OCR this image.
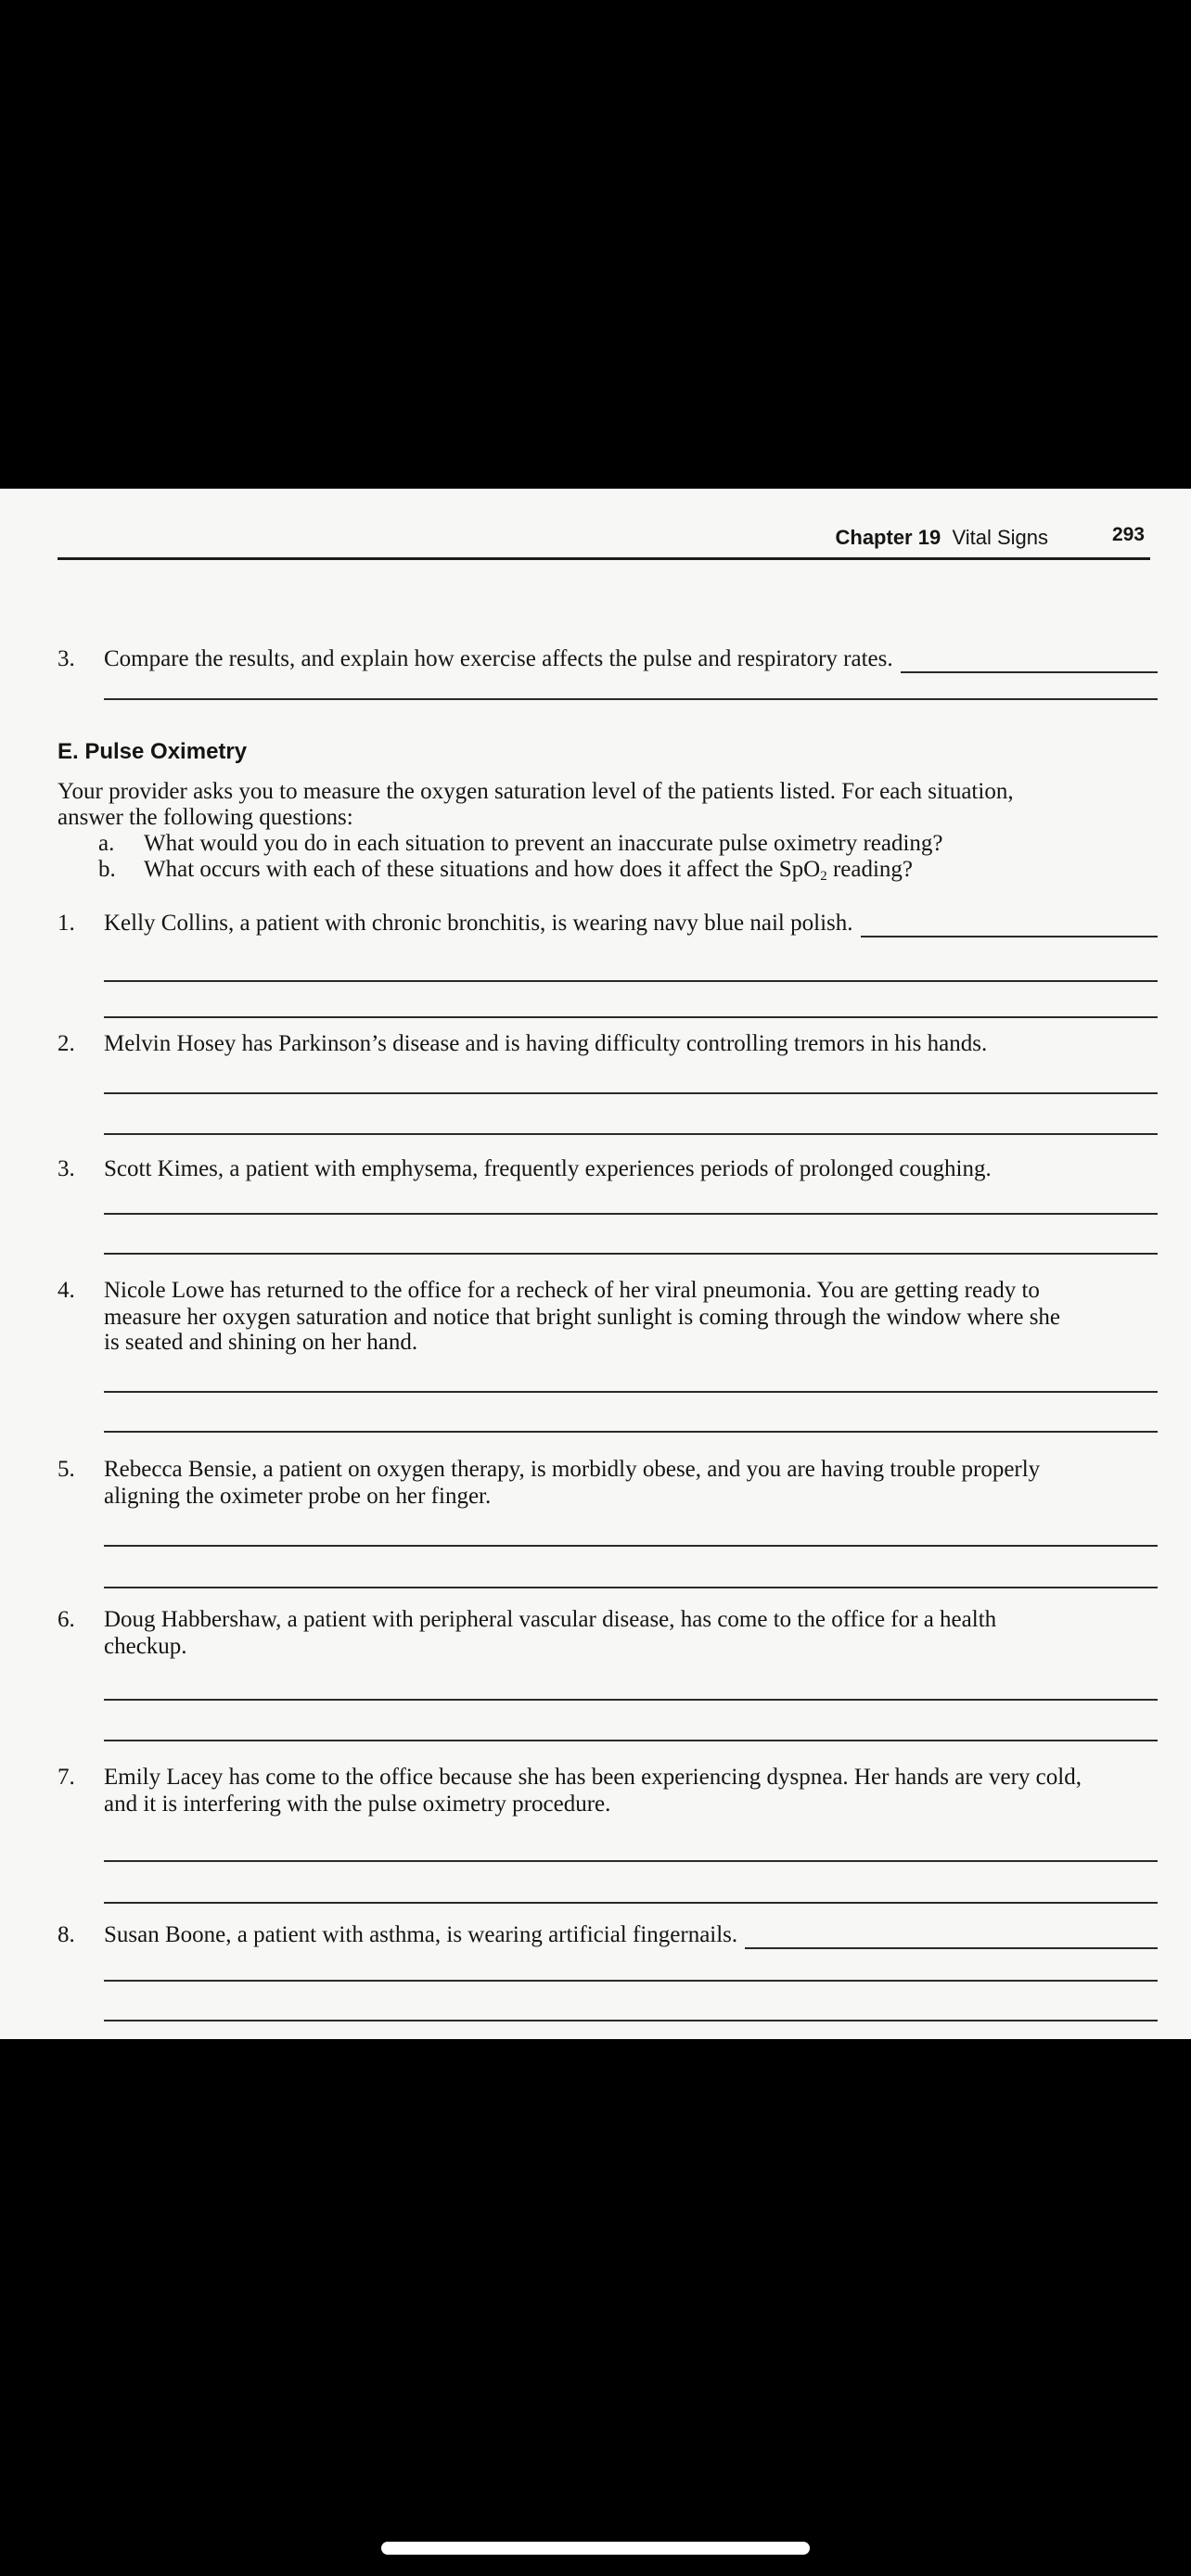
Chapter 19 Vital Signs	293
3.	Compare the results, and explain how exercise affects the pulse and respiratory rates.
E. Pulse Oximetry

Your provider asks you to measure the oxygen saturation level of the patients listed. For each situation,

answer the following questions:

a.	What would you do in each situation to prevent an inaccurate pulse oximetry reading?
b.	What occurs with each of these situations and how does it affect the SpO$_2$ reading?
1.	Kelly Collins, a patient with chronic bronchitis, is wearing navy blue nail polish.
2.	Melvin Hosey has Parkinson’s disease and is having difficulty controlling tremors in his hands.
3.	Scott Kimes, a patient with emphysema, frequently experiences periods of prolonged coughing.
4.	Nicole Lowe has returned to the office for a recheck of her viral pneumonia. You are getting ready to
measure her oxygen saturation and notice that bright sunlight is coming through the window where she
is seated and shining on her hand.
5.	Rebecca Bensie, a patient on oxygen therapy, is morbidly obese, and you are having trouble properly
aligning the oximeter probe on her finger.
6.	Doug Habbershaw, a patient with peripheral vascular disease, has come to the office for a health
checkup.
7.	Emily Lacey has come to the office because she has been experiencing dyspnea. Her hands are very cold,
and it is interfering with the pulse oximetry procedure.
8.	Susan Boone, a patient with asthma, is wearing artificial fingernails.
